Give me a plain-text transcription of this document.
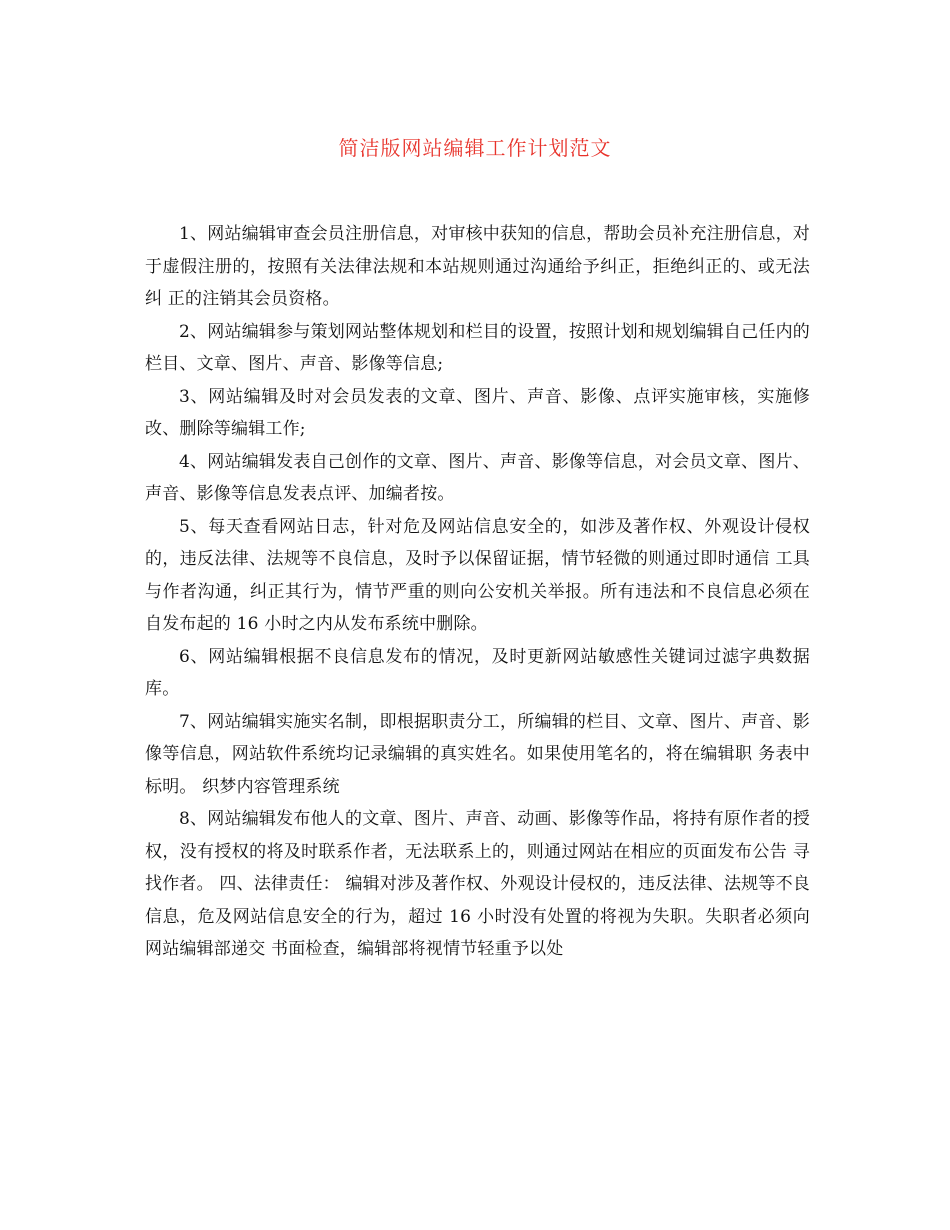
简洁版网站编辑工作计划范文

1、网站编辑审查会员注册信息，对审核中获知的信息，帮助会员补充注册信息，对于虚假注册的，按照有关法律法规和本站规则通过沟通给予纠正，拒绝纠正的、或无法纠 正的注销其会员资格。

2、网站编辑参与策划网站整体规划和栏目的设置，按照计划和规划编辑自己任内的栏目、文章、图片、声音、影像等信息;

3、网站编辑及时对会员发表的文章、图片、声音、影像、点评实施审核，实施修改、删除等编辑工作;

4、网站编辑发表自己创作的文章、图片、声音、影像等信息，对会员文章、图片、声音、影像等信息发表点评、加编者按。

5、每天查看网站日志，针对危及网站信息安全的，如涉及著作权、外观设计侵权的，违反法律、法规等不良信息，及时予以保留证据，情节轻微的则通过即时通信 工具与作者沟通，纠正其行为，情节严重的则向公安机关举报。所有违法和不良信息必须在自发布起的 16 小时之内从发布系统中删除。

6、网站编辑根据不良信息发布的情况，及时更新网站敏感性关键词过滤字典数据库。

7、网站编辑实施实名制，即根据职责分工，所编辑的栏目、文章、图片、声音、影像等信息，网站软件系统均记录编辑的真实姓名。如果使用笔名的，将在编辑职 务表中标明。 织梦内容管理系统

8、网站编辑发布他人的文章、图片、声音、动画、影像等作品，将持有原作者的授权，没有授权的将及时联系作者，无法联系上的，则通过网站在相应的页面发布公告 寻找作者。 四、法律责任： 编辑对涉及著作权、外观设计侵权的，违反法律、法规等不良信息，危及网站信息安全的行为，超过 16 小时没有处置的将视为失职。失职者必须向网站编辑部递交 书面检查，编辑部将视情节轻重予以处
